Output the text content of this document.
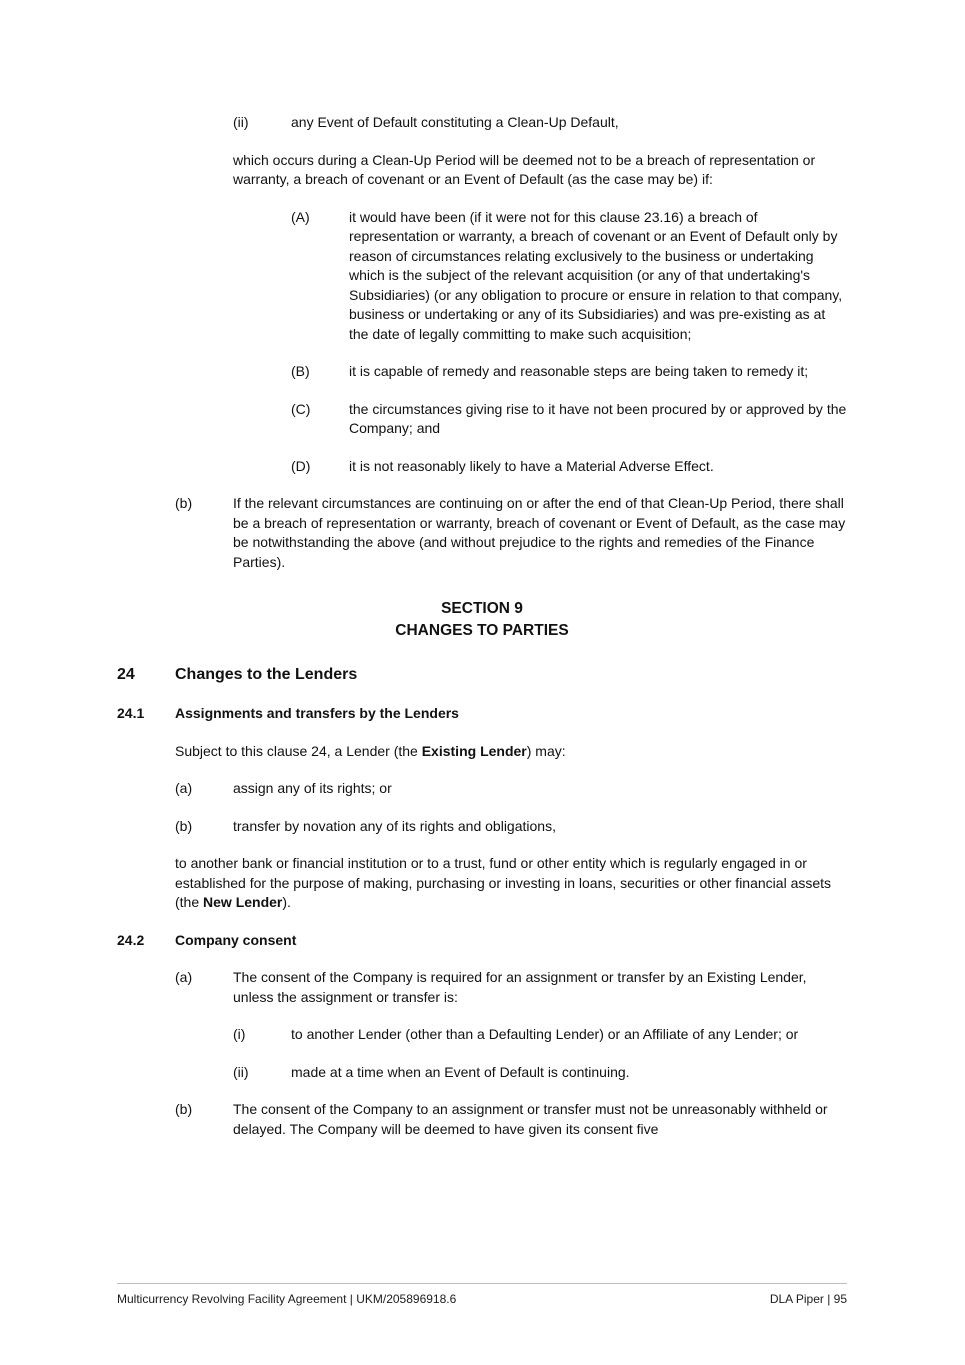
(ii)	any Event of Default constituting a Clean-Up Default,

which occurs during a Clean-Up Period will be deemed not to be a breach of representation or warranty, a breach of covenant or an Event of Default (as the case may be) if:

(A)	it would have been (if it were not for this clause 23.16) a breach of representation or warranty, a breach of covenant or an Event of Default only by reason of circumstances relating exclusively to the business or undertaking which is the subject of the relevant acquisition (or any of that undertaking's Subsidiaries) (or any obligation to procure or ensure in relation to that company, business or undertaking or any of its Subsidiaries) and was pre-existing as at the date of legally committing to make such acquisition;
(B)	it is capable of remedy and reasonable steps are being taken to remedy it;
(C)	the circumstances giving rise to it have not been procured by or approved by the Company; and
(D)	it is not reasonably likely to have a Material Adverse Effect.
(b)	If the relevant circumstances are continuing on or after the end of that Clean-Up Period, there shall be a breach of representation or warranty, breach of covenant or Event of Default, as the case may be notwithstanding the above (and without prejudice to the rights and remedies of the Finance Parties).
SECTION 9
CHANGES TO PARTIES
24	Changes to the Lenders
24.1	Assignments and transfers by the Lenders

Subject to this clause 24, a Lender (the Existing Lender) may:

(a)	assign any of its rights; or
(b)	transfer by novation any of its rights and obligations,

to another bank or financial institution or to a trust, fund or other entity which is regularly engaged in or established for the purpose of making, purchasing or investing in loans, securities or other financial assets (the New Lender).

24.2	Company consent
(a)	The consent of the Company is required for an assignment or transfer by an Existing Lender, unless the assignment or transfer is:
(i)	to another Lender (other than a Defaulting Lender) or an Affiliate of any Lender; or
(ii)	made at a time when an Event of Default is continuing.
(b)	The consent of the Company to an assignment or transfer must not be unreasonably withheld or delayed. The Company will be deemed to have given its consent five
Multicurrency Revolving Facility Agreement | UKM/205896918.6	DLA Piper | 95
